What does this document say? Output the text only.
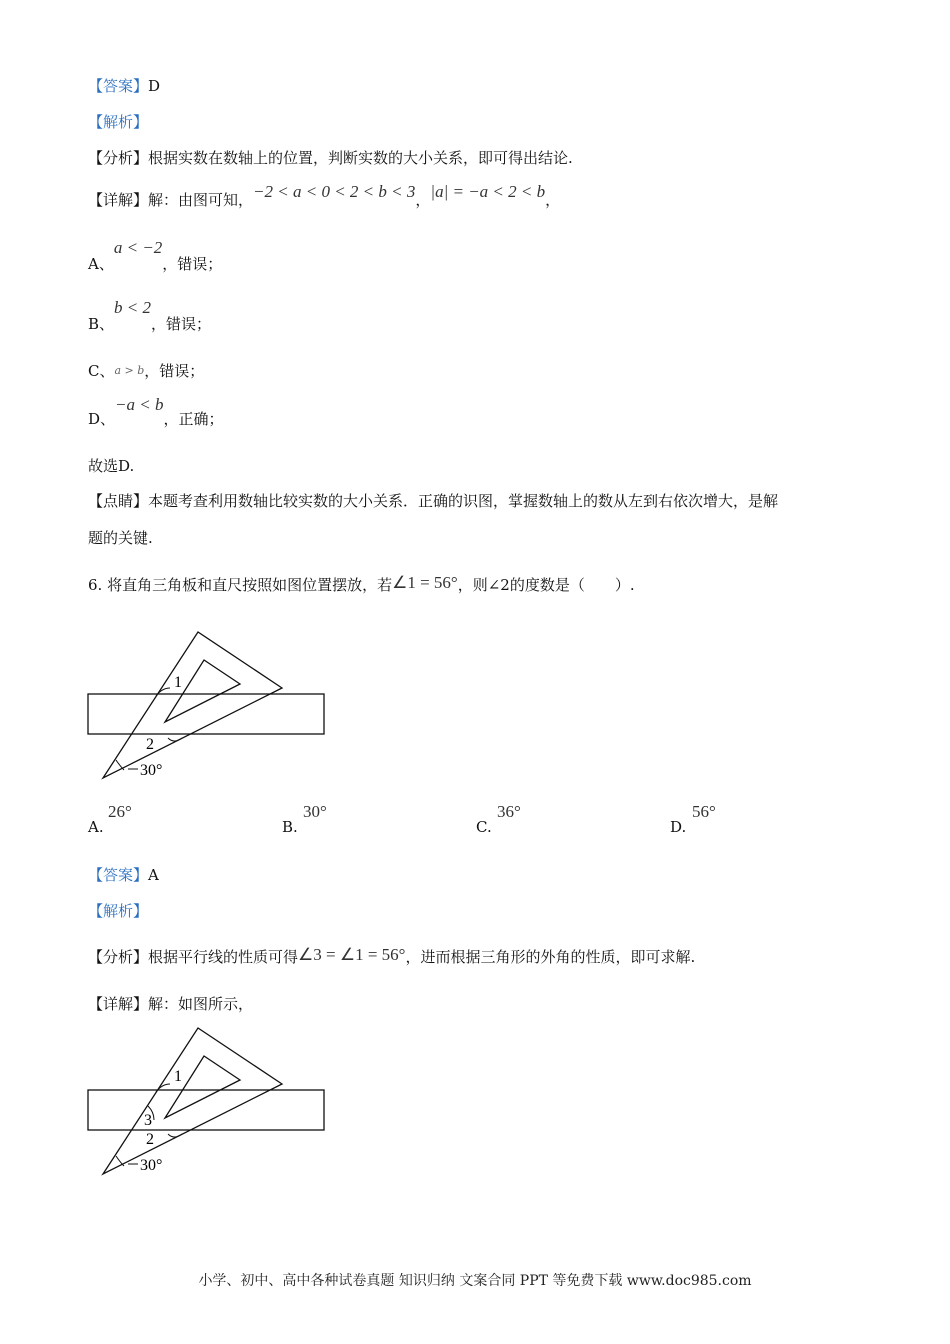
【答案】D
【解析】
【分析】根据实数在数轴上的位置，判断实数的大小关系，即可得出结论.
【详解】解：由图可知，−2 < a < 0 < 2 < b < 3，|a| = −a < 2 < b，
A、a < −2，错误；
B、b < 2，错误；
C、a > b，错误；
D、−a < b，正确；
故选D.
【点睛】本题考查利用数轴比较实数的大小关系．正确的识图，掌握数轴上的数从左到右依次增大，是解
题的关键.
6. 将直角三角板和直尺按照如图位置摆放，若∠1 = 56°，则∠2的度数是（　　）.
1
2
30°
A.
26°
B.
30°
C.
36°
D.
56°
【答案】A
【解析】
【分析】根据平行线的性质可得∠3 = ∠1 = 56°，进而根据三角形的外角的性质，即可求解.
【详解】解：如图所示，
1
3
2
30°
小学、初中、高中各种试卷真题 知识归纳 文案合同 PPT 等免费下载 www.doc985.com
